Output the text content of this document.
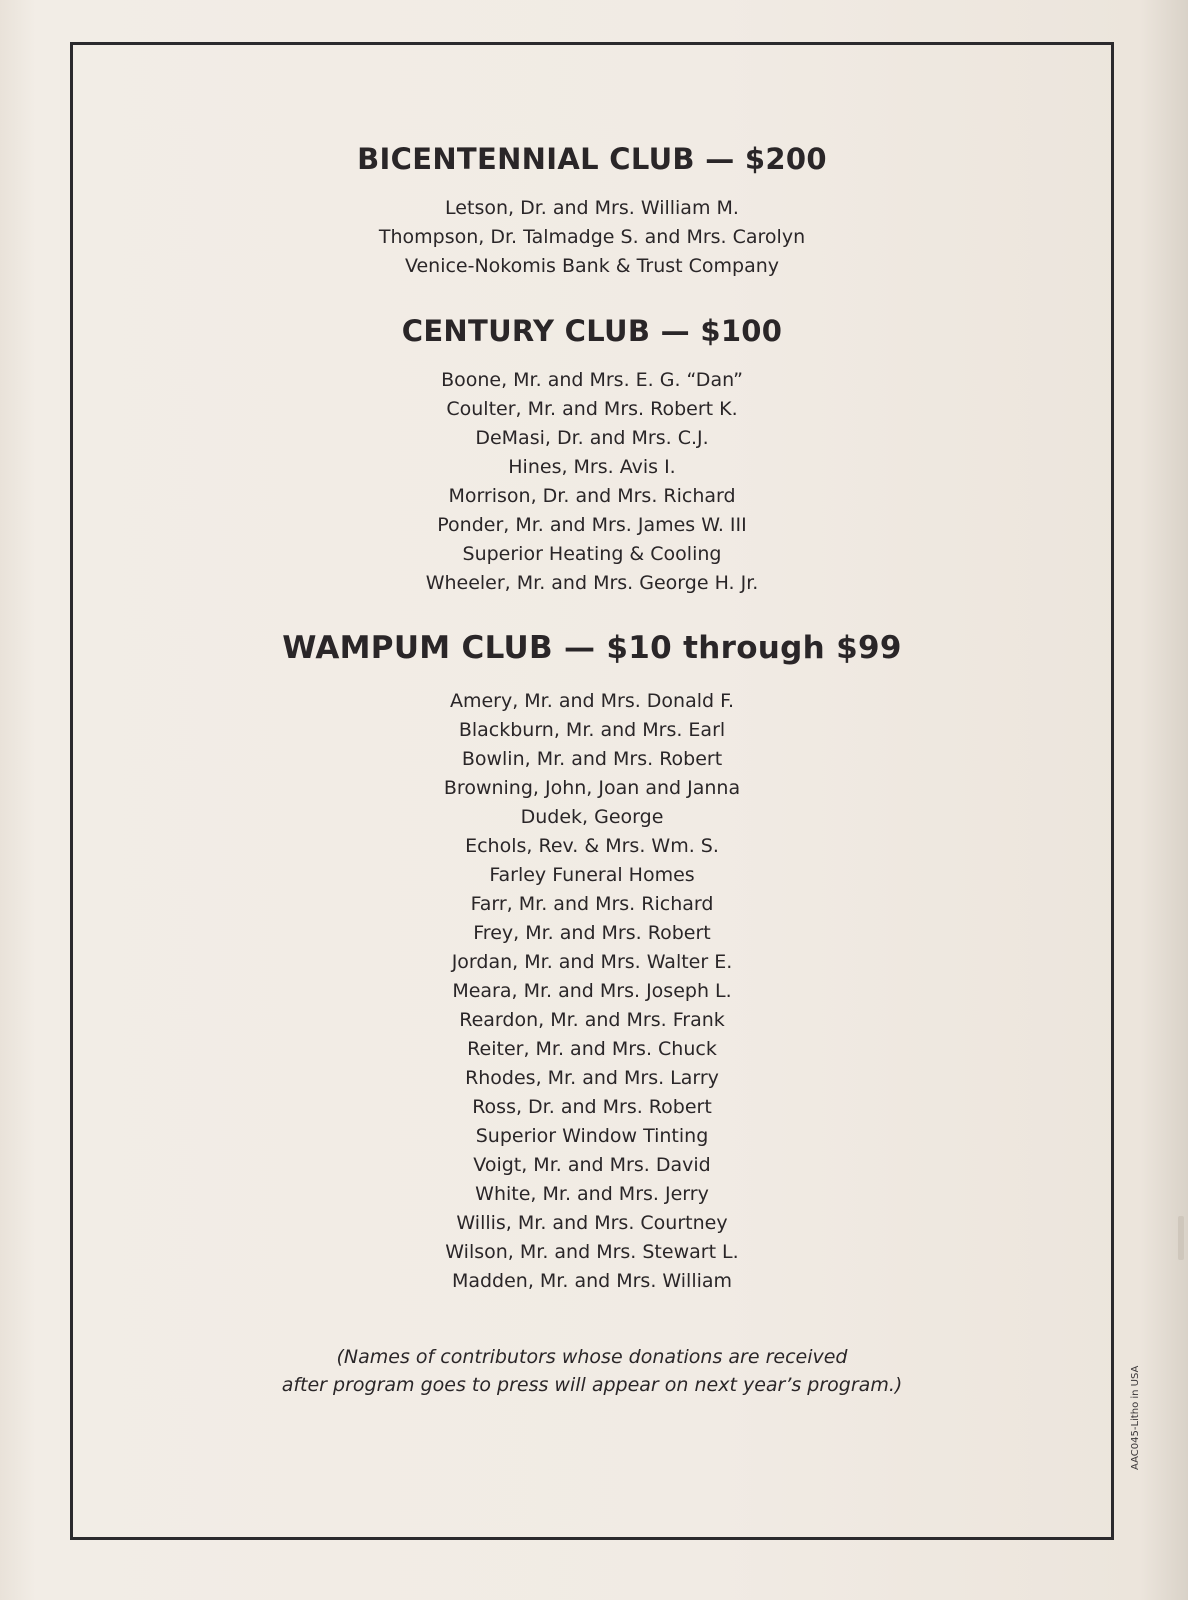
BICENTENNIAL CLUB — $200
Letson, Dr. and Mrs. William M.
Thompson, Dr. Talmadge S. and Mrs. Carolyn
Venice-Nokomis Bank & Trust Company
CENTURY CLUB — $100
Boone, Mr. and Mrs. E. G. “Dan”
Coulter, Mr. and Mrs. Robert K.
DeMasi, Dr. and Mrs. C.J.
Hines, Mrs. Avis I.
Morrison, Dr. and Mrs. Richard
Ponder, Mr. and Mrs. James W. III
Superior Heating & Cooling
Wheeler, Mr. and Mrs. George H. Jr.
WAMPUM CLUB — $10 through $99
Amery, Mr. and Mrs. Donald F.
Blackburn, Mr. and Mrs. Earl
Bowlin, Mr. and Mrs. Robert
Browning, John, Joan and Janna
Dudek, George
Echols, Rev. & Mrs. Wm. S.
Farley Funeral Homes
Farr, Mr. and Mrs. Richard
Frey, Mr. and Mrs. Robert
Jordan, Mr. and Mrs. Walter E.
Meara, Mr. and Mrs. Joseph L.
Reardon, Mr. and Mrs. Frank
Reiter, Mr. and Mrs. Chuck
Rhodes, Mr. and Mrs. Larry
Ross, Dr. and Mrs. Robert
Superior Window Tinting
Voigt, Mr. and Mrs. David
White, Mr. and Mrs. Jerry
Willis, Mr. and Mrs. Courtney
Wilson, Mr. and Mrs. Stewart L.
Madden, Mr. and Mrs. William

(Names of contributors whose donations are received
after program goes to press will appear on next year’s program.)	AAC045-Litho in USA
